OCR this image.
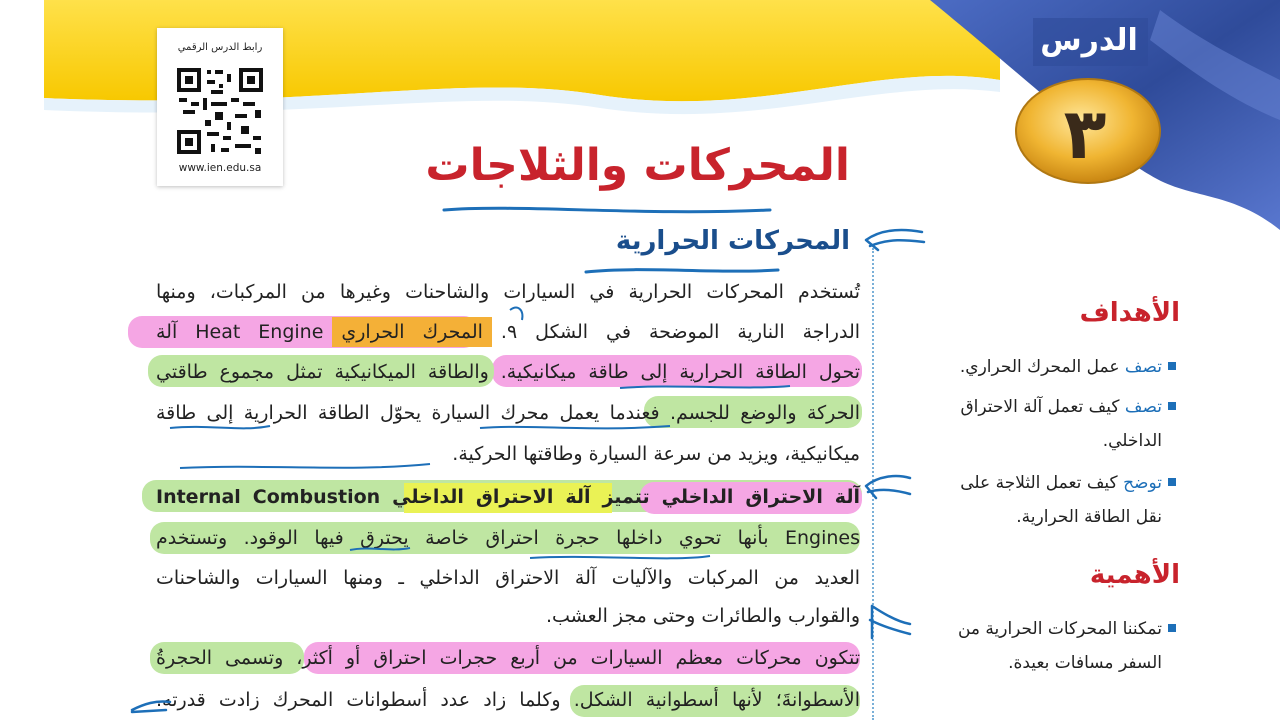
رابط الدرس الرقمي
www.ien.edu.sa
الدرس
٣
المحركات والثلاجات
المحركات الحرارية
تُستخدم المحركات الحرارية في السيارات والشاحنات وغيرها من المركبات، ومنها
الدراجة النارية الموضحة في الشكل ٩. المحرك الحراري Heat Engine آلة
تحول الطاقة الحرارية إلى طاقة ميكانيكية. والطاقة الميكانيكية تمثل مجموع طاقتي
الحركة والوضع للجسم. فعندما يعمل محرك السيارة يحوّل الطاقة الحرارية إلى طاقة
ميكانيكية، ويزيد من سرعة السيارة وطاقتها الحركية.
آلة الاحتراق الداخلي تتميز آلة الاحتراق الداخلي Internal Combustion
Engines بأنها تحوي داخلها حجرة احتراق خاصة يحترق فيها الوقود. وتستخدم
العديد من المركبات والآليات آلة الاحتراق الداخلي ـ ومنها السيارات والشاحنات
والقوارب والطائرات وحتى مجز العشب.
تتكون محركات معظم السيارات من أربع حجرات احتراق أو أكثر، وتسمى الحجرةُ
الأسطوانةَ؛ لأنها أسطوانية الشكل. وكلما زاد عدد أسطوانات المحرك زادت قدرته.
الأهداف
تصف عمل المحرك الحراري.
تصف كيف تعمل آلة الاحتراق
الداخلي.
توضح كيف تعمل الثلاجة على
نقل الطاقة الحرارية.
الأهمية
تمكننا المحركات الحرارية من
السفر مسافات بعيدة.
